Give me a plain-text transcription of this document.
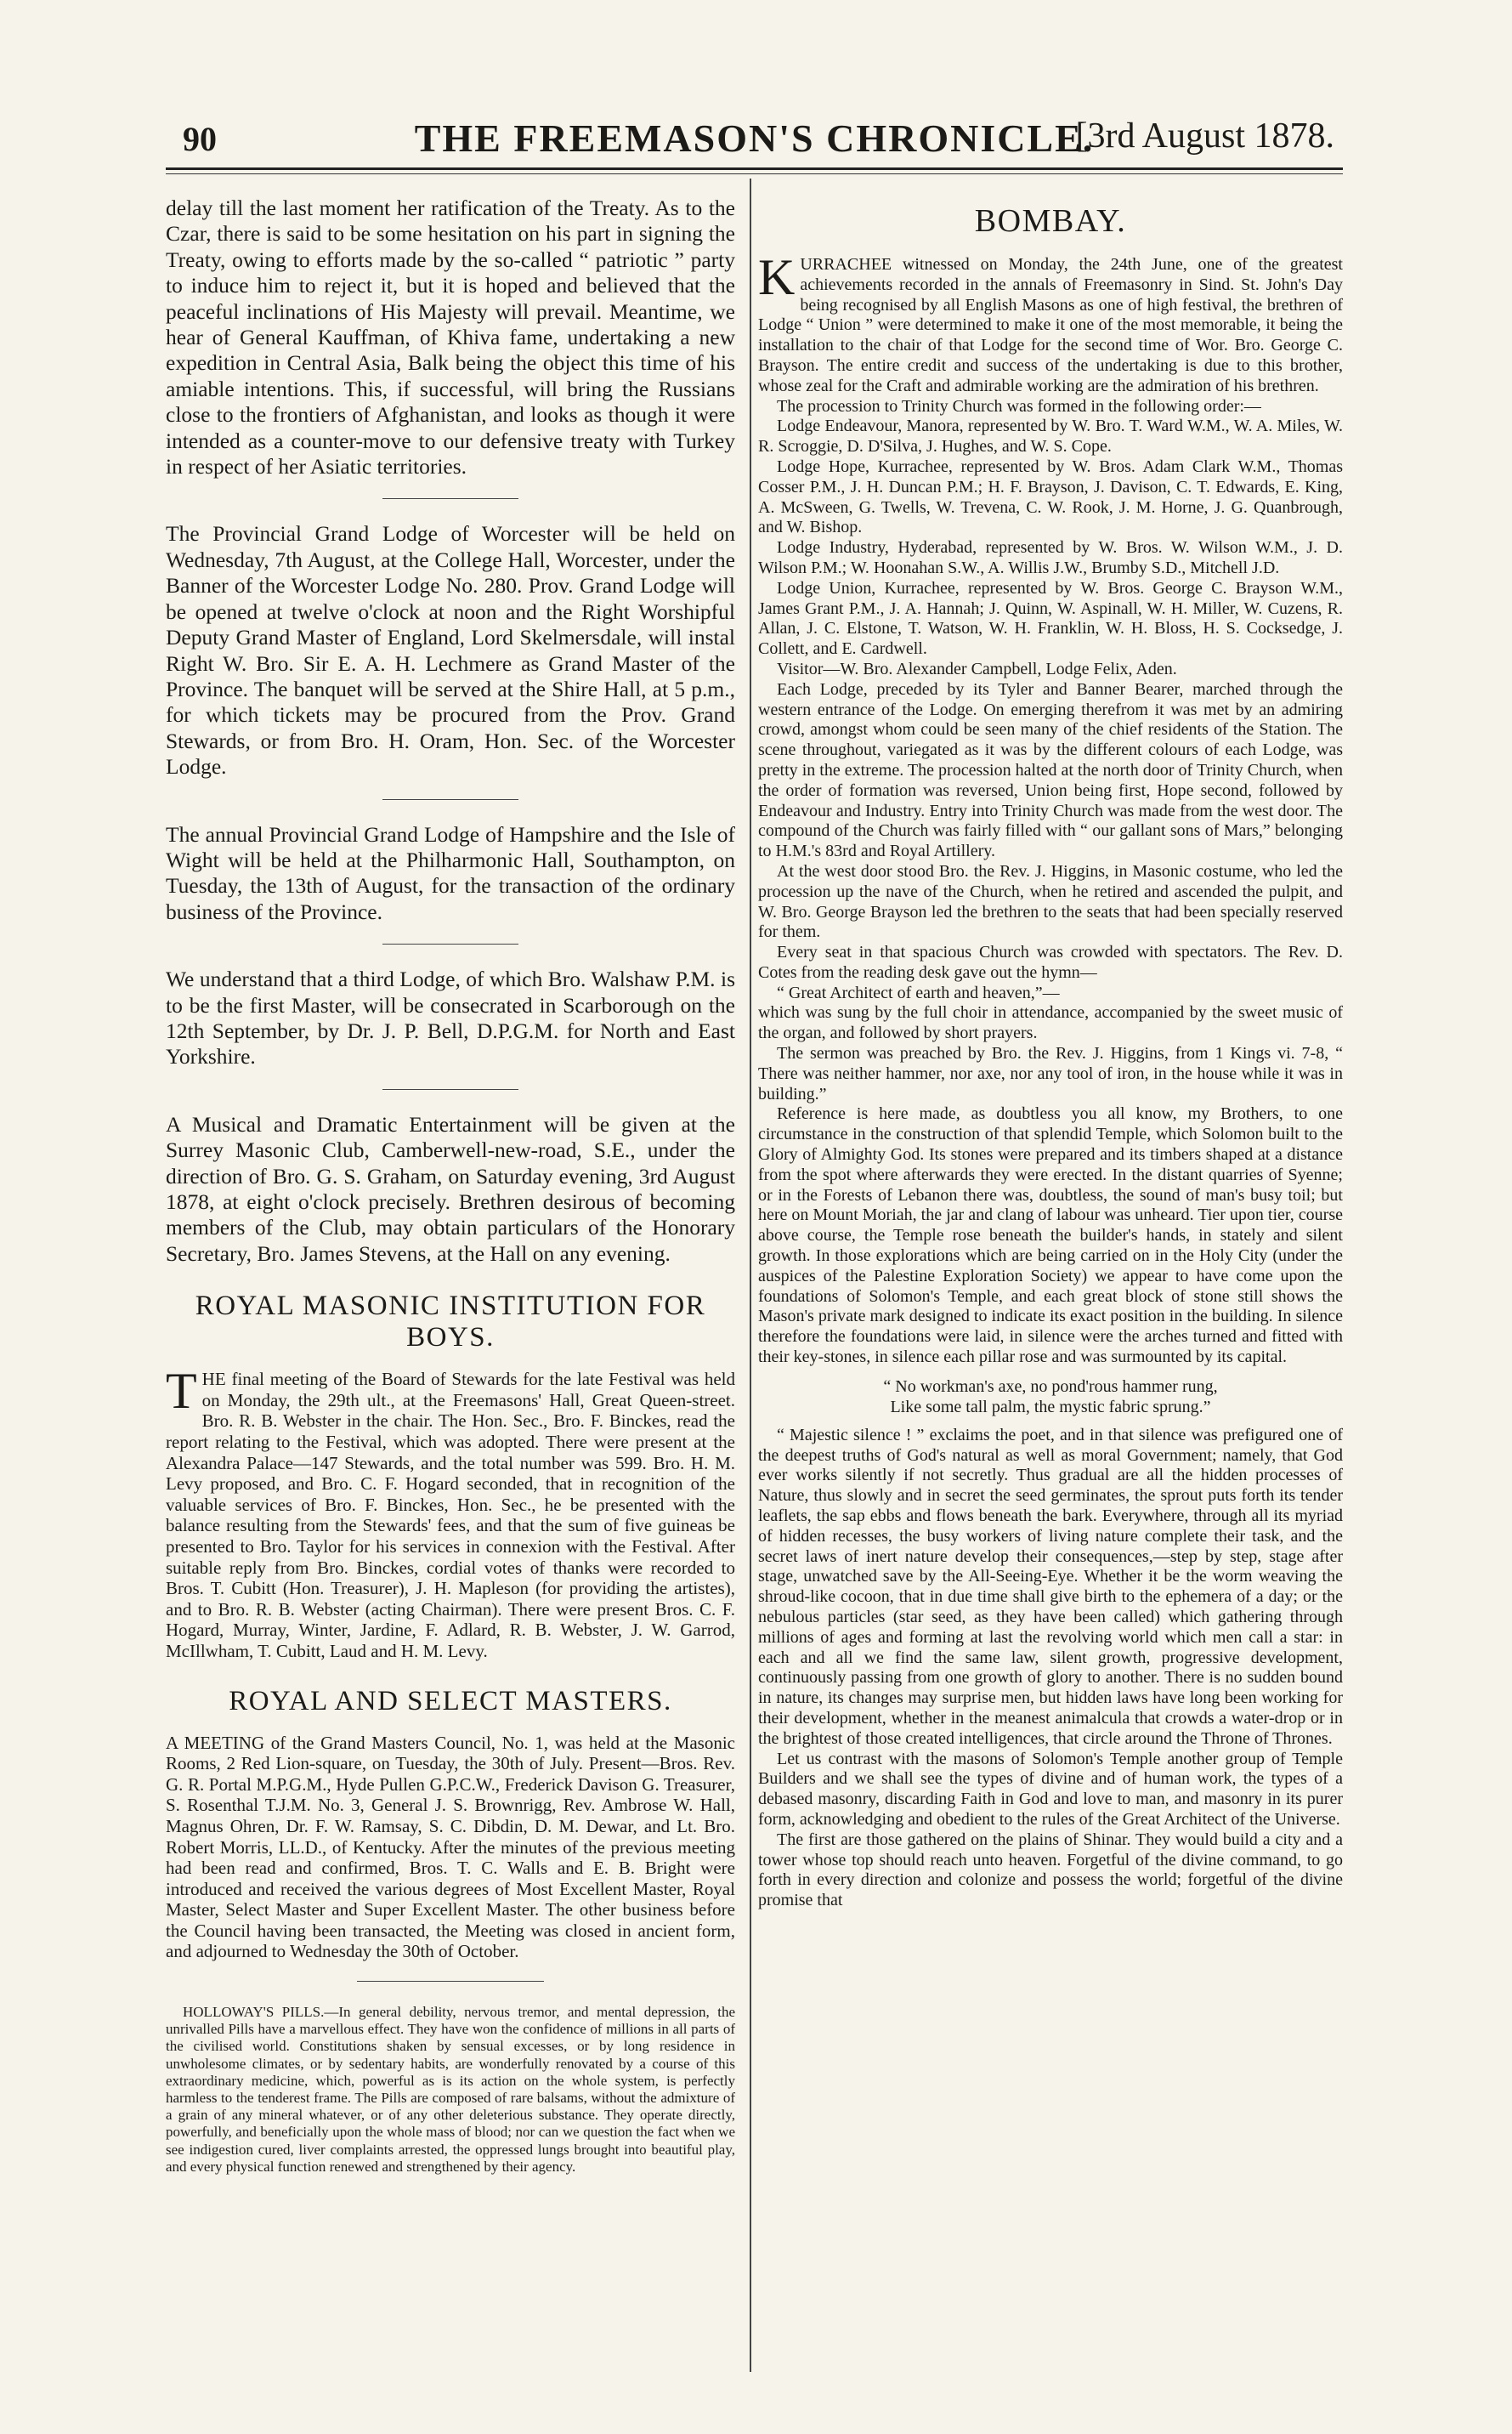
90	THE FREEMASON'S CHRONICLE.
[3rd August 1878.

delay till the last moment her ratification of the Treaty. As to the Czar, there is said to be some hesitation on his part in signing the Treaty, owing to efforts made by the so-called “ patriotic ” party to induce him to reject it, but it is hoped and believed that the peaceful inclinations of His Majesty will prevail. Meantime, we hear of General Kauffman, of Khiva fame, undertaking a new expedition in Central Asia, Balk being the object this time of his amiable intentions. This, if successful, will bring the Russians close to the frontiers of Afghanistan, and looks as though it were intended as a counter-move to our defensive treaty with Turkey in respect of her Asiatic territories.

The Provincial Grand Lodge of Worcester will be held on Wednesday, 7th August, at the College Hall, Worcester, under the Banner of the Worcester Lodge No. 280. Prov. Grand Lodge will be opened at twelve o'clock at noon and the Right Worshipful Deputy Grand Master of England, Lord Skelmersdale, will instal Right W. Bro. Sir E. A. H. Lechmere as Grand Master of the Province. The banquet will be served at the Shire Hall, at 5 p.m., for which tickets may be procured from the Prov. Grand Stewards, or from Bro. H. Oram, Hon. Sec. of the Worcester Lodge.

The annual Provincial Grand Lodge of Hampshire and the Isle of Wight will be held at the Philharmonic Hall, Southampton, on Tuesday, the 13th of August, for the transaction of the ordinary business of the Province.

We understand that a third Lodge, of which Bro. Walshaw P.M. is to be the first Master, will be consecrated in Scarborough on the 12th September, by Dr. J. P. Bell, D.P.G.M. for North and East Yorkshire.

A Musical and Dramatic Entertainment will be given at the Surrey Masonic Club, Camberwell-new-road, S.E., under the direction of Bro. G. S. Graham, on Saturday evening, 3rd August 1878, at eight o'clock precisely. Brethren desirous of becoming members of the Club, may obtain particulars of the Honorary Secretary, Bro. James Stevens, at the Hall on any evening.

ROYAL MASONIC INSTITUTION FOR BOYS.

THE final meeting of the Board of Stewards for the late Festival was held on Monday, the 29th ult., at the Freemasons' Hall, Great Queen-street. Bro. R. B. Webster in the chair. The Hon. Sec., Bro. F. Binckes, read the report relating to the Festival, which was adopted. There were present at the Alexandra Palace—147 Stewards, and the total number was 599. Bro. H. M. Levy proposed, and Bro. C. F. Hogard seconded, that in recognition of the valuable services of Bro. F. Binckes, Hon. Sec., he be presented with the balance resulting from the Stewards' fees, and that the sum of five guineas be presented to Bro. Taylor for his services in connexion with the Festival. After suitable reply from Bro. Binckes, cordial votes of thanks were recorded to Bros. T. Cubitt (Hon. Treasurer), J. H. Mapleson (for providing the artistes), and to Bro. R. B. Webster (acting Chairman). There were present Bros. C. F. Hogard, Murray, Winter, Jardine, F. Adlard, R. B. Webster, J. W. Garrod, McIllwham, T. Cubitt, Laud and H. M. Levy.

ROYAL AND SELECT MASTERS.

A MEETING of the Grand Masters Council, No. 1, was held at the Masonic Rooms, 2 Red Lion-square, on Tuesday, the 30th of July. Present—Bros. Rev. G. R. Portal M.P.G.M., Hyde Pullen G.P.C.W., Frederick Davison G. Treasurer, S. Rosenthal T.J.M. No. 3, General J. S. Brownrigg, Rev. Ambrose W. Hall, Magnus Ohren, Dr. F. W. Ramsay, S. C. Dibdin, D. M. Dewar, and Lt. Bro. Robert Morris, LL.D., of Kentucky. After the minutes of the previous meeting had been read and confirmed, Bros. T. C. Walls and E. B. Bright were introduced and received the various degrees of Most Excellent Master, Royal Master, Select Master and Super Excellent Master. The other business before the Council having been transacted, the Meeting was closed in ancient form, and adjourned to Wednesday the 30th of October.

HOLLOWAY'S PILLS.—In general debility, nervous tremor, and mental depression, the unrivalled Pills have a marvellous effect. They have won the confidence of millions in all parts of the civilised world. Constitutions shaken by sensual excesses, or by long residence in unwholesome climates, or by sedentary habits, are wonderfully renovated by a course of this extraordinary medicine, which, powerful as is its action on the whole system, is perfectly harmless to the tenderest frame. The Pills are composed of rare balsams, without the admixture of a grain of any mineral whatever, or of any other deleterious substance. They operate directly, powerfully, and beneficially upon the whole mass of blood; nor can we question the fact when we see indigestion cured, liver complaints arrested, the oppressed lungs brought into beautiful play, and every physical function renewed and strengthened by their agency.

BOMBAY.

KURRACHEE witnessed on Monday, the 24th June, one of the greatest achievements recorded in the annals of Freemasonry in Sind. St. John's Day being recognised by all English Masons as one of high festival, the brethren of Lodge “ Union ” were determined to make it one of the most memorable, it being the installation to the chair of that Lodge for the second time of Wor. Bro. George C. Brayson. The entire credit and success of the undertaking is due to this brother, whose zeal for the Craft and admirable working are the admiration of his brethren.

The procession to Trinity Church was formed in the following order:—

Lodge Endeavour, Manora, represented by W. Bro. T. Ward W.M., W. A. Miles, W. R. Scroggie, D. D'Silva, J. Hughes, and W. S. Cope.

Lodge Hope, Kurrachee, represented by W. Bros. Adam Clark W.M., Thomas Cosser P.M., J. H. Duncan P.M.; H. F. Brayson, J. Davison, C. T. Edwards, E. King, A. McSween, G. Twells, W. Trevena, C. W. Rook, J. M. Horne, J. G. Quanbrough, and W. Bishop.

Lodge Industry, Hyderabad, represented by W. Bros. W. Wilson W.M., J. D. Wilson P.M.; W. Hoonahan S.W., A. Willis J.W., Brumby S.D., Mitchell J.D.

Lodge Union, Kurrachee, represented by W. Bros. George C. Brayson W.M., James Grant P.M., J. A. Hannah; J. Quinn, W. Aspinall, W. H. Miller, W. Cuzens, R. Allan, J. C. Elstone, T. Watson, W. H. Franklin, W. H. Bloss, H. S. Cocksedge, J. Collett, and E. Cardwell.

Visitor—W. Bro. Alexander Campbell, Lodge Felix, Aden.

Each Lodge, preceded by its Tyler and Banner Bearer, marched through the western entrance of the Lodge. On emerging therefrom it was met by an admiring crowd, amongst whom could be seen many of the chief residents of the Station. The scene throughout, variegated as it was by the different colours of each Lodge, was pretty in the extreme. The procession halted at the north door of Trinity Church, when the order of formation was reversed, Union being first, Hope second, followed by Endeavour and Industry. Entry into Trinity Church was made from the west door. The compound of the Church was fairly filled with “ our gallant sons of Mars,” belonging to H.M.'s 83rd and Royal Artillery.

At the west door stood Bro. the Rev. J. Higgins, in Masonic costume, who led the procession up the nave of the Church, when he retired and ascended the pulpit, and W. Bro. George Brayson led the brethren to the seats that had been specially reserved for them.

Every seat in that spacious Church was crowded with spectators. The Rev. D. Cotes from the reading desk gave out the hymn—

“ Great Architect of earth and heaven,”—

which was sung by the full choir in attendance, accompanied by the sweet music of the organ, and followed by short prayers.

The sermon was preached by Bro. the Rev. J. Higgins, from 1 Kings vi. 7-8, “ There was neither hammer, nor axe, nor any tool of iron, in the house while it was in building.”

Reference is here made, as doubtless you all know, my Brothers, to one circumstance in the construction of that splendid Temple, which Solomon built to the Glory of Almighty God. Its stones were prepared and its timbers shaped at a distance from the spot where afterwards they were erected. In the distant quarries of Syenne; or in the Forests of Lebanon there was, doubtless, the sound of man's busy toil; but here on Mount Moriah, the jar and clang of labour was unheard. Tier upon tier, course above course, the Temple rose beneath the builder's hands, in stately and silent growth. In those explorations which are being carried on in the Holy City (under the auspices of the Palestine Exploration Society) we appear to have come upon the foundations of Solomon's Temple, and each great block of stone still shows the Mason's private mark designed to indicate its exact position in the building. In silence therefore the foundations were laid, in silence were the arches turned and fitted with their key-stones, in silence each pillar rose and was surmounted by its capital.

“ No workman's axe, no pond'rous hammer rung,
Like some tall palm, the mystic fabric sprung.”

“ Majestic silence ! ” exclaims the poet, and in that silence was prefigured one of the deepest truths of God's natural as well as moral Government; namely, that God ever works silently if not secretly. Thus gradual are all the hidden processes of Nature, thus slowly and in secret the seed germinates, the sprout puts forth its tender leaflets, the sap ebbs and flows beneath the bark. Everywhere, through all its myriad of hidden recesses, the busy workers of living nature complete their task, and the secret laws of inert nature develop their consequences,—step by step, stage after stage, unwatched save by the All-Seeing-Eye. Whether it be the worm weaving the shroud-like cocoon, that in due time shall give birth to the ephemera of a day; or the nebulous particles (star seed, as they have been called) which gathering through millions of ages and forming at last the revolving world which men call a star: in each and all we find the same law, silent growth, progressive development, continuously passing from one growth of glory to another. There is no sudden bound in nature, its changes may surprise men, but hidden laws have long been working for their development, whether in the meanest animalcula that crowds a water-drop or in the brightest of those created intelligences, that circle around the Throne of Thrones.

Let us contrast with the masons of Solomon's Temple another group of Temple Builders and we shall see the types of divine and of human work, the types of a debased masonry, discarding Faith in God and love to man, and masonry in its purer form, acknowledging and obedient to the rules of the Great Architect of the Universe.

The first are those gathered on the plains of Shinar. They would build a city and a tower whose top should reach unto heaven. Forgetful of the divine command, to go forth in every direction and colonize and possess the world; forgetful of the divine promise that
